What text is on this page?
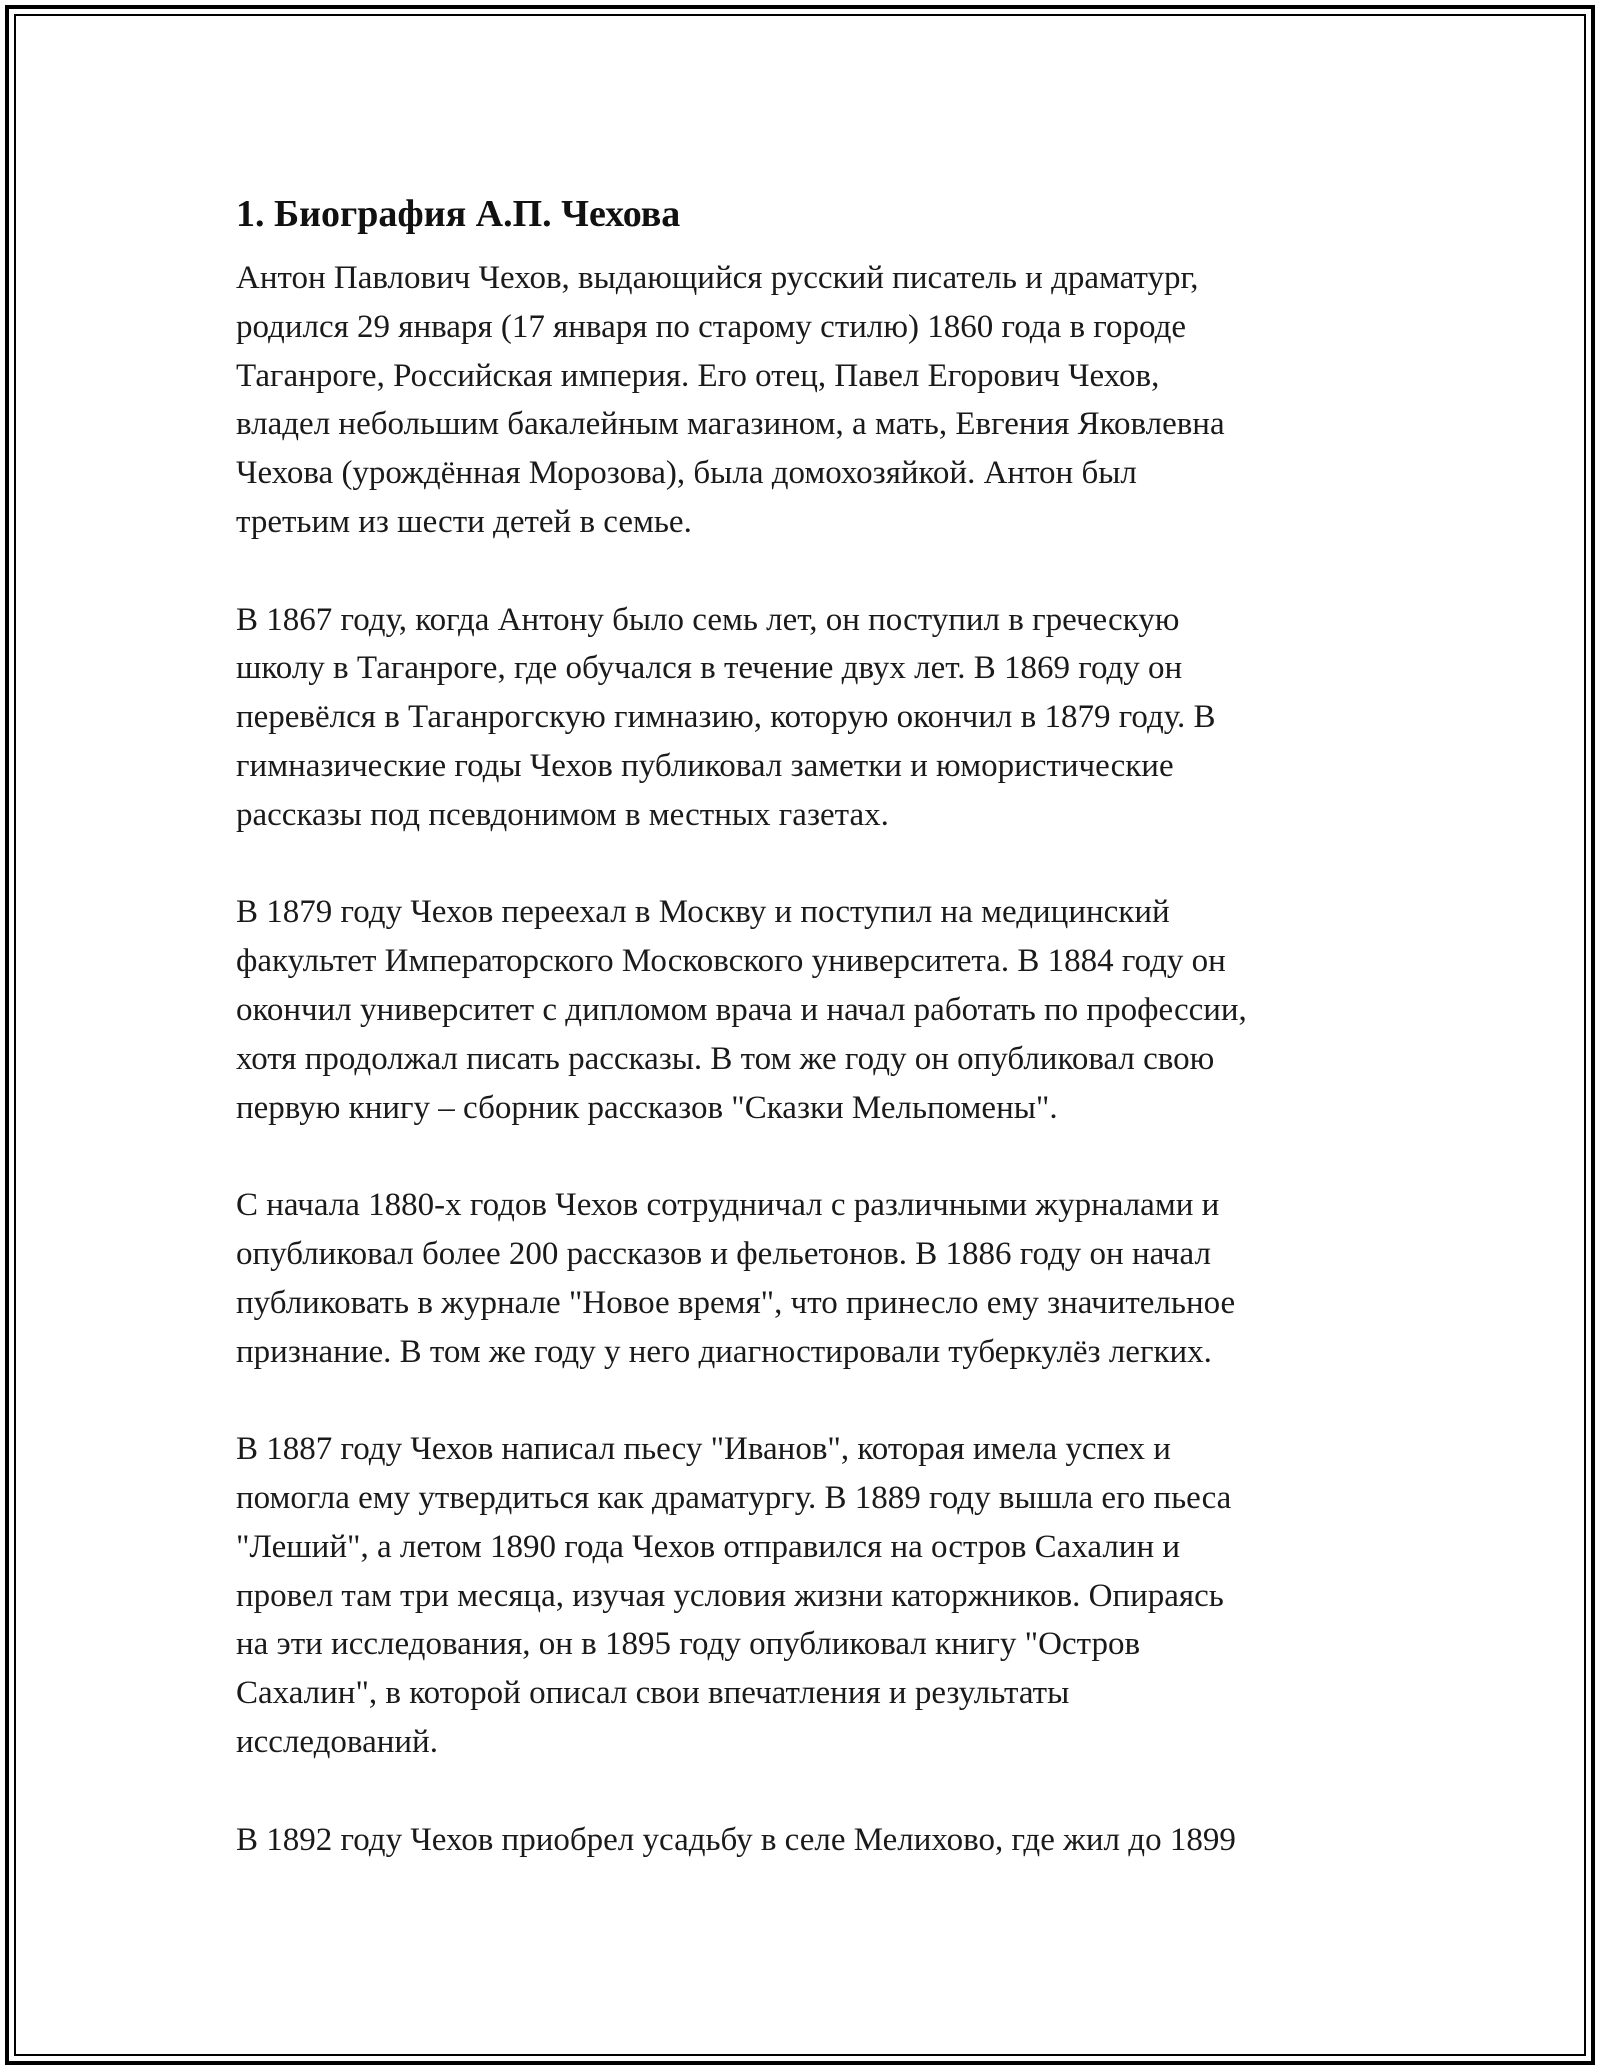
1. Биография А.П. Чехова

Антон Павлович Чехов, выдающийся русский писатель и драматург,
родился 29 января (17 января по старому стилю) 1860 года в городе
Таганроге, Российская империя. Его отец, Павел Егорович Чехов,
владел небольшим бакалейным магазином, а мать, Евгения Яковлевна
Чехова (урождённая Морозова), была домохозяйкой. Антон был
третьим из шести детей в семье.

В 1867 году, когда Антону было семь лет, он поступил в греческую
школу в Таганроге, где обучался в течение двух лет. В 1869 году он
перевёлся в Таганрогскую гимназию, которую окончил в 1879 году. В
гимназические годы Чехов публиковал заметки и юмористические
рассказы под псевдонимом в местных газетах.

В 1879 году Чехов переехал в Москву и поступил на медицинский
факультет Императорского Московского университета. В 1884 году он
окончил университет с дипломом врача и начал работать по профессии,
хотя продолжал писать рассказы. В том же году он опубликовал свою
первую книгу – сборник рассказов "Сказки Мельпомены".

С начала 1880-х годов Чехов сотрудничал с различными журналами и
опубликовал более 200 рассказов и фельетонов. В 1886 году он начал
публиковать в журнале "Новое время", что принесло ему значительное
признание. В том же году у него диагностировали туберкулёз легких.

В 1887 году Чехов написал пьесу "Иванов", которая имела успех и
помогла ему утвердиться как драматургу. В 1889 году вышла его пьеса
"Леший", а летом 1890 года Чехов отправился на остров Сахалин и
провел там три месяца, изучая условия жизни каторжников. Опираясь
на эти исследования, он в 1895 году опубликовал книгу "Остров
Сахалин", в которой описал свои впечатления и результаты
исследований.

В 1892 году Чехов приобрел усадьбу в селе Мелихово, где жил до 1899
